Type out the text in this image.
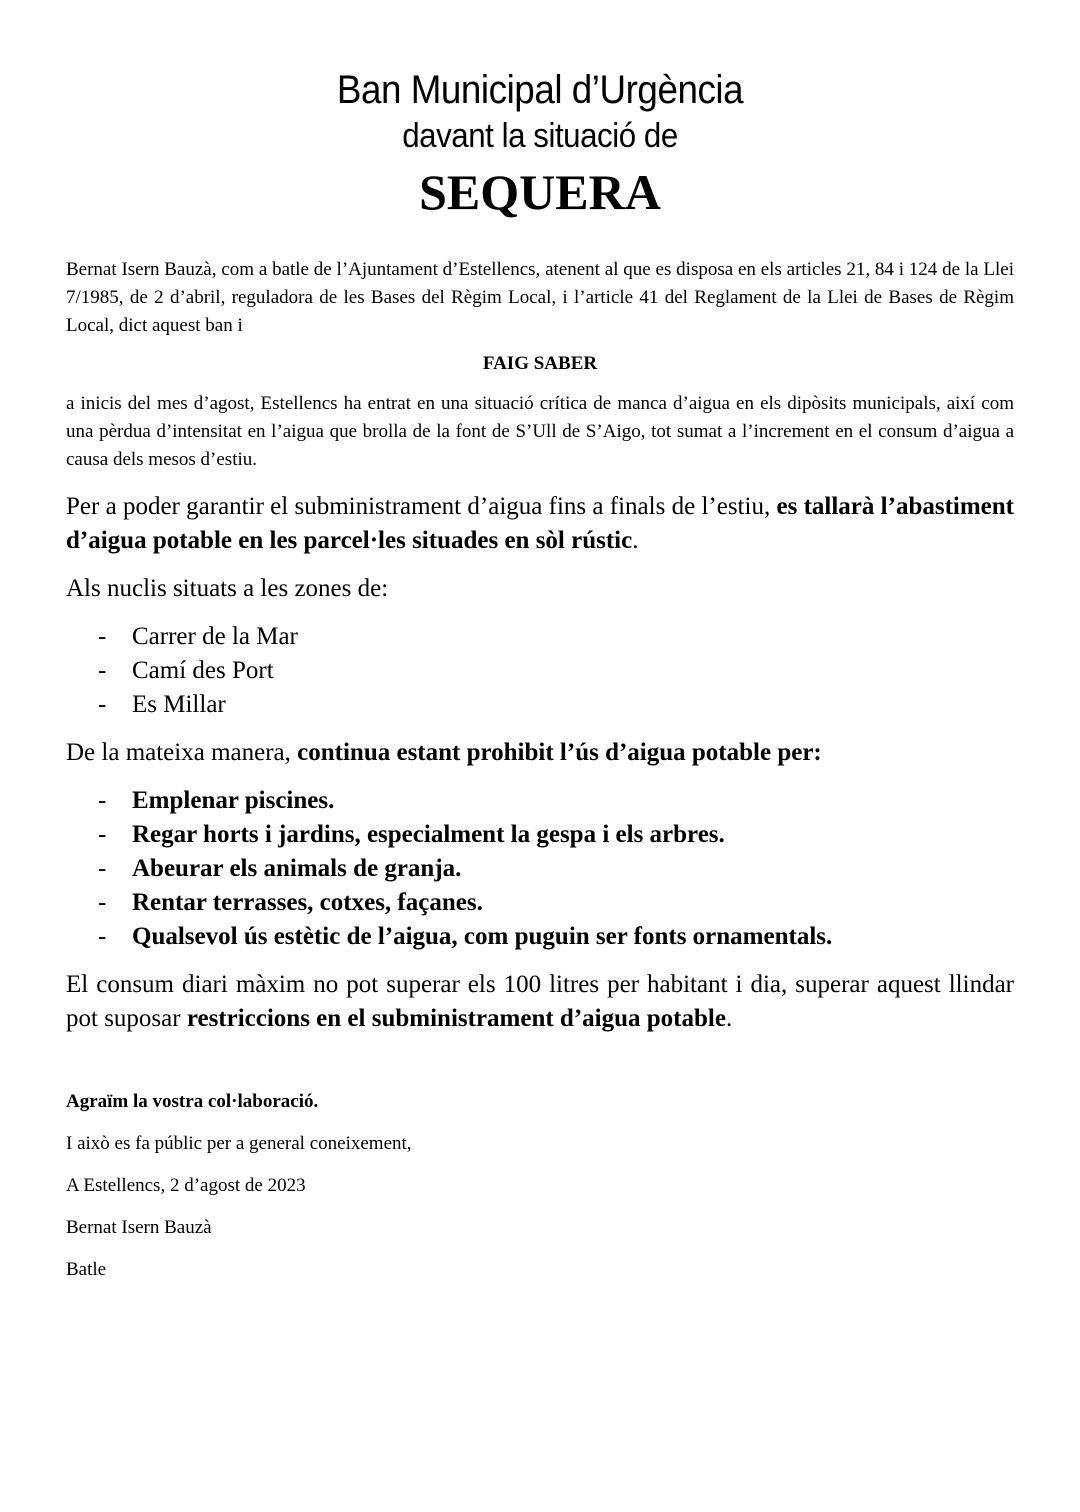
Ban Municipal d’Urgència
davant la situació de
SEQUERA

Bernat Isern Bauzà, com a batle de l’Ajuntament d’Estellencs, atenent al que es disposa en els articles 21, 84 i 124 de la Llei 7/1985, de 2 d’abril, reguladora de les Bases del Règim Local, i l’article 41 del Reglament de la Llei de Bases de Règim Local, dict aquest ban i

FAIG SABER

a inicis del mes d’agost, Estellencs ha entrat en una situació crítica de manca d’aigua en els dipòsits municipals, així com una pèrdua d’intensitat en l’aigua que brolla de la font de S’Ull de S’Aigo, tot sumat a l’increment en el consum d’aigua a causa dels mesos d’estiu.

Per a poder garantir el subministrament d’aigua fins a finals de l’estiu, es tallarà l’abastiment d’aigua potable en les parcel·les situades en sòl rústic.

Als nuclis situats a les zones de:

- Carrer de la Mar
- Camí des Port
- Es Millar

De la mateixa manera, continua estant prohibit l’ús d’aigua potable per:

- Emplenar piscines.
- Regar horts i jardins, especialment la gespa i els arbres.
- Abeurar els animals de granja.
- Rentar terrasses, cotxes, façanes.
- Qualsevol ús estètic de l’aigua, com puguin ser fonts ornamentals.

El consum diari màxim no pot superar els 100 litres per habitant i dia, superar aquest llindar pot suposar restriccions en el subministrament d’aigua potable.

Agraïm la vostra col·laboració.
I això es fa públic per a general coneixement,
A Estellencs, 2 d’agost de 2023
Bernat Isern Bauzà
Batle
